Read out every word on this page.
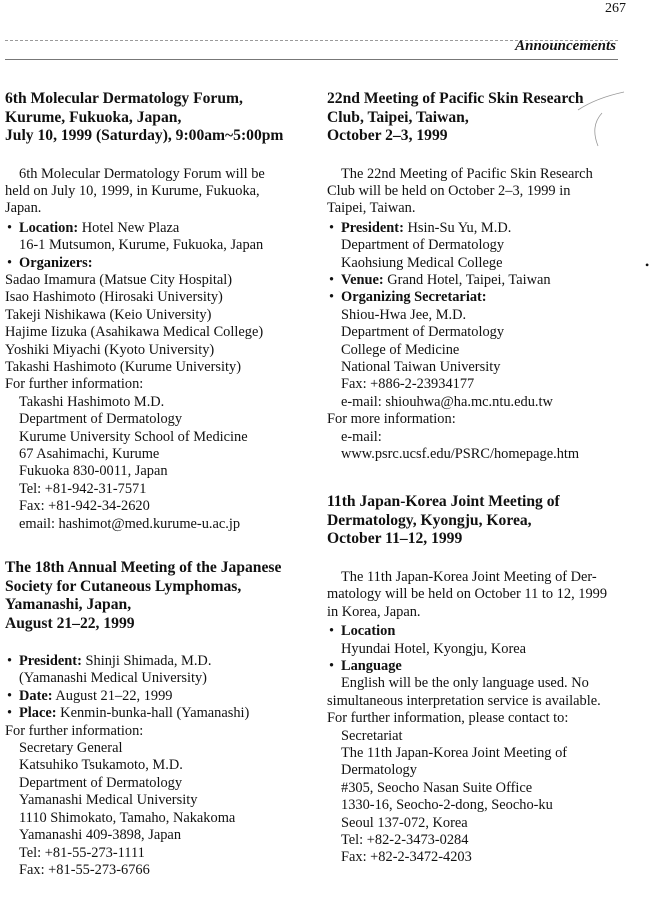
267
Announcements
•
6th Molecular Dermatology Forum,
Kurume, Fukuoka, Japan,
July 10, 1999 (Saturday), 9:00am~5:00pm
6th Molecular Dermatology Forum will be
held on July 10, 1999, in Kurume, Fukuoka,
Japan.
• Location: Hotel New Plaza
16-1 Mutsumon, Kurume, Fukuoka, Japan
• Organizers:
Sadao Imamura (Matsue City Hospital)
Isao Hashimoto (Hirosaki University)
Takeji Nishikawa (Keio University)
Hajime Iizuka (Asahikawa Medical College)
Yoshiki Miyachi (Kyoto University)
Takashi Hashimoto (Kurume University)
For further information:
Takashi Hashimoto M.D.
Department of Dermatology
Kurume University School of Medicine
67 Asahimachi, Kurume
Fukuoka 830-0011, Japan
Tel: +81-942-31-7571
Fax: +81-942-34-2620
email: hashimot@med.kurume-u.ac.jp
The 18th Annual Meeting of the Japanese
Society for Cutaneous Lymphomas,
Yamanashi, Japan,
August 21–22, 1999
• President: Shinji Shimada, M.D.
(Yamanashi Medical University)
• Date: August 21–22, 1999
• Place: Kenmin-bunka-hall (Yamanashi)
For further information:
Secretary General
Katsuhiko Tsukamoto, M.D.
Department of Dermatology
Yamanashi Medical University
1110 Shimokato, Tamaho, Nakakoma
Yamanashi 409-3898, Japan
Tel: +81-55-273-1111
Fax: +81-55-273-6766
22nd Meeting of Pacific Skin Research
Club, Taipei, Taiwan,
October 2–3, 1999
The 22nd Meeting of Pacific Skin Research
Club will be held on October 2–3, 1999 in
Taipei, Taiwan.
• President: Hsin-Su Yu, M.D.
Department of Dermatology
Kaohsiung Medical College
• Venue: Grand Hotel, Taipei, Taiwan
• Organizing Secretariat:
Shiou-Hwa Jee, M.D.
Department of Dermatology
College of Medicine
National Taiwan University
Fax: +886-2-23934177
e-mail: shiouhwa@ha.mc.ntu.edu.tw
For more information:
e-mail:
www.psrc.ucsf.edu/PSRC/homepage.htm
11th Japan-Korea Joint Meeting of
Dermatology, Kyongju, Korea,
October 11–12, 1999
The 11th Japan-Korea Joint Meeting of Der-
matology will be held on October 11 to 12, 1999
in Korea, Japan.
• Location
Hyundai Hotel, Kyongju, Korea
• Language
English will be the only language used. No
simultaneous interpretation service is available.
For further information, please contact to:
Secretariat
The 11th Japan-Korea Joint Meeting of
Dermatology
#305, Seocho Nasan Suite Office
1330-16, Seocho-2-dong, Seocho-ku
Seoul 137-072, Korea
Tel: +82-2-3473-0284
Fax: +82-2-3472-4203
